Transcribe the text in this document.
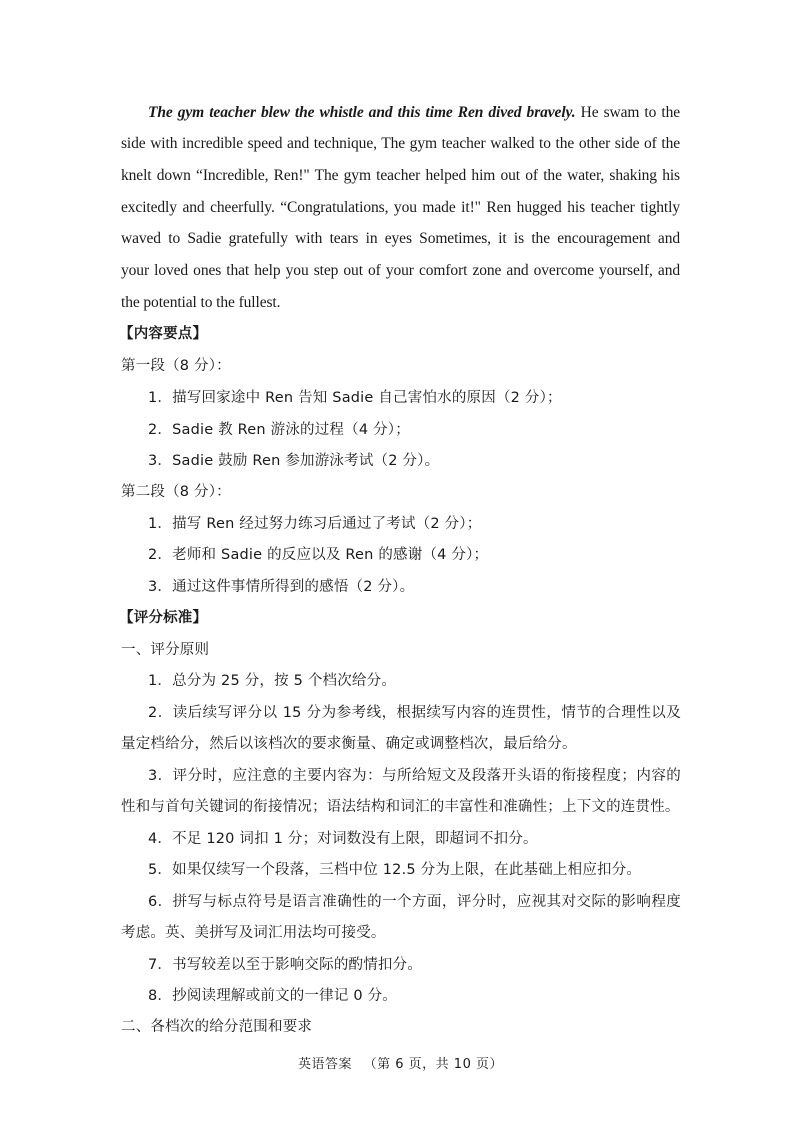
The gym teacher blew the whistle and this time Ren dived bravely. He swam to the
side with incredible speed and technique, The gym teacher walked to the other side of the
knelt down “Incredible, Ren!" The gym teacher helped him out of the water, shaking his
excitedly and cheerfully. “Congratulations, you made it!" Ren hugged his teacher tightly
waved to Sadie gratefully with tears in eyes Sometimes, it is the encouragement and
your loved ones that help you step out of your comfort zone and overcome yourself, and
the potential to the fullest.
【内容要点】
第一段（8 分）：
1．描写回家途中 Ren 告知 Sadie 自己害怕水的原因（2 分）；
2．Sadie 教 Ren 游泳的过程（4 分）；
3．Sadie 鼓励 Ren 参加游泳考试（2 分）。
第二段（8 分）：
1．描写 Ren 经过努力练习后通过了考试（2 分）；
2．老师和 Sadie 的反应以及 Ren 的感谢（4 分）；
3．通过这件事情所得到的感悟（2 分）。
【评分标准】
一、评分原则
1．总分为 25 分，按 5 个档次给分。
2．读后续写评分以 15 分为参考线，根据续写内容的连贯性，情节的合理性以及
量定档给分，然后以该档次的要求衡量、确定或调整档次，最后给分。
3．评分时，应注意的主要内容为：与所给短文及段落开头语的衔接程度；内容的
性和与首句关键词的衔接情况；语法结构和词汇的丰富性和准确性；上下文的连贯性。
4．不足 120 词扣 1 分；对词数没有上限，即超词不扣分。
5．如果仅续写一个段落，三档中位 12.5 分为上限，在此基础上相应扣分。
6．拼写与标点符号是语言准确性的一个方面，评分时，应视其对交际的影响程度
考虑。英、美拼写及词汇用法均可接受。
7．书写较差以至于影响交际的酌情扣分。
8．抄阅读理解或前文的一律记 0 分。
二、各档次的给分范围和要求
英语答案 　（第 6 页，共 10 页）
